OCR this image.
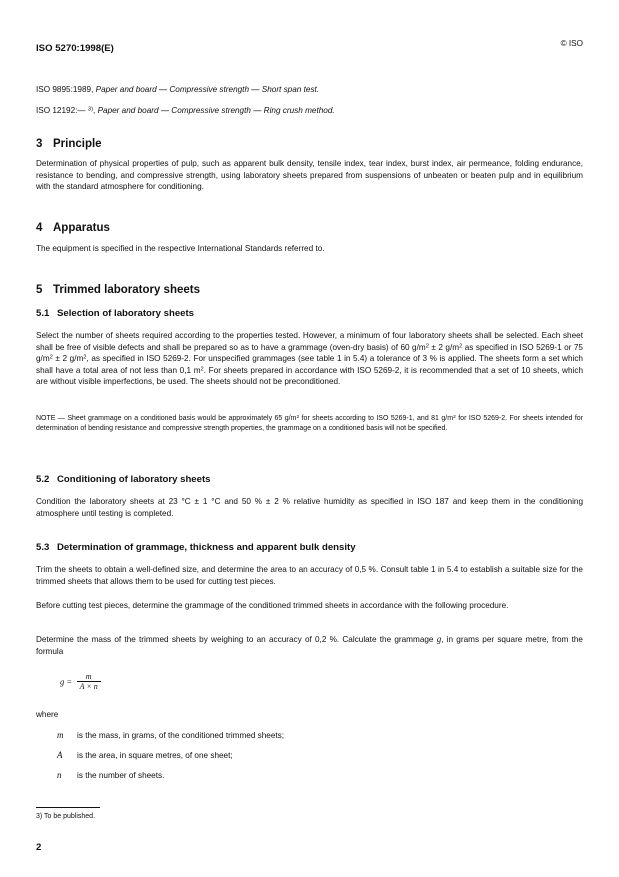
ISO 5270:1998(E)	© ISO

ISO 9895:1989, Paper and board — Compressive strength — Short span test.

ISO 12192:— $^{3)}$, Paper and board — Compressive strength — Ring crush method.

3 Principle

Determination of physical properties of pulp, such as apparent bulk density, tensile index, tear index, burst index, air permeance, folding endurance, resistance to bending, and compressive strength, using laboratory sheets prepared from suspensions of unbeaten or beaten pulp and in equilibrium with the standard atmosphere for conditioning.

4 Apparatus

The equipment is specified in the respective International Standards referred to.

5 Trimmed laboratory sheets

5.1 Selection of laboratory sheets

Select the number of sheets required according to the properties tested. However, a minimum of four laboratory sheets shall be selected. Each sheet shall be free of visible defects and shall be prepared so as to have a grammage (oven-dry basis) of 60 $g/m^2 \pm 2$ $g/m^2$ as specified in ISO 5269-1 or 75 $g/m^2 \pm 2$ $g/m^2$, as specified in ISO 5269-2. For unspecified grammages (see table 1 in 5.4) a tolerance of 3 % is applied. The sheets form a set which shall have a total area of not less than 0,1 $m^2$. For sheets prepared in accordance with ISO 5269-2, it is recommended that a set of 10 sheets, which are without visible imperfections, be used. The sheets should not be preconditioned.

NOTE — Sheet grammage on a conditioned basis would be approximately 65 $g/m^2$ for sheets according to ISO 5269-1, and 81 $g/m^2$ for ISO 5269-2. For sheets intended for determination of bending resistance and compressive strength properties, the grammage on a conditioned basis will not be specified.

5.2 Conditioning of laboratory sheets

Condition the laboratory sheets at 23 °C ± 1 °C and 50 % ± 2 % relative humidity as specified in ISO 187 and keep them in the conditioning atmosphere until testing is completed.

5.3 Determination of grammage, thickness and apparent bulk density

Trim the sheets to obtain a well-defined size, and determine the area to an accuracy of 0,5 %. Consult table 1 in 5.4 to establish a suitable size for the trimmed sheets that allows them to be used for cutting test pieces.

Before cutting test pieces, determine the grammage of the conditioned trimmed sheets in accordance with the following procedure.

Determine the mass of the trimmed sheets by weighing to an accuracy of 0,2 %. Calculate the grammage g, in grams per square metre, from the formula

$g = \frac{m}{A \times n}$

where

m is the mass, in grams, of the conditioned trimmed sheets;
A is the area, in square metres, of one sheet;
n is the number of sheets.

3) To be published.

2
